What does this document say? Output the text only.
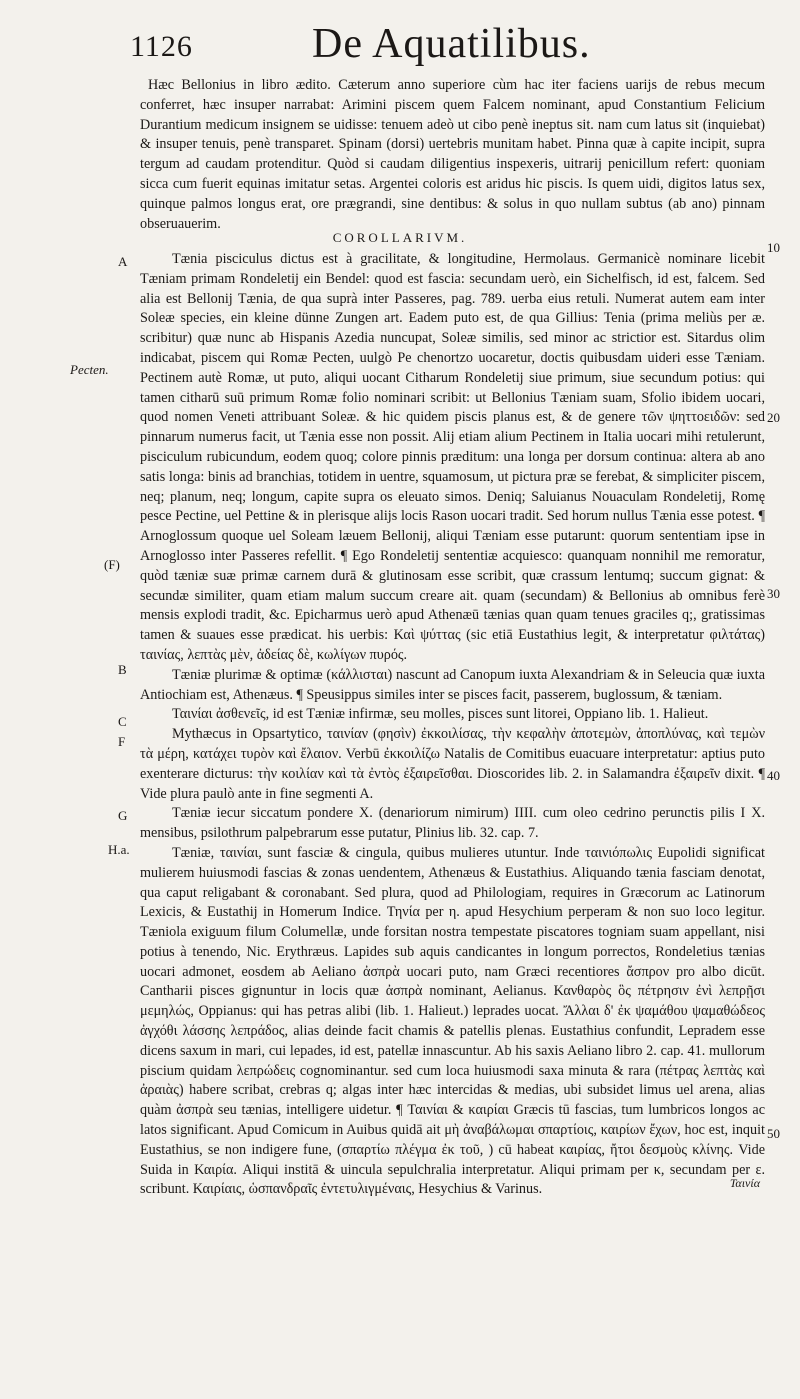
1126	De Aquatilibus.

Hæc Bellonius in libro ædito. Cæterum anno superiore cùm hac iter faciens uarijs de rebus mecum conferret, hæc insuper narrabat: Arimini piscem quem Falcem nominant, apud Constantium Felicium Durantium medicum insignem se uidisse: tenuem adeò ut cibo penè ineptus sit. nam cum latus sit (inquiebat) & insuper tenuis, penè transparet. Spinam (dorsi) uertebris munitam habet. Pinna quæ à capite incipit, supra tergum ad caudam protenditur. Quòd si caudam diligentius inspexeris, uitrarij penicillum refert: quoniam sicca cum fuerit equinas imitatur setas. Argentei coloris est aridus hic piscis. Is quem uidi, digitos latus sex, quinque palmos longus erat, ore prægrandi, sine dentibus: & solus in quo nullam subtus (ab ano) pinnam obseruauerim.

COROLLARIVM.

Tænia pisciculus dictus est à gracilitate, & longitudine, Hermolaus. Germanicè nominare licebit Tæniam primam Rondeletij ein Bendel: quod est fascia: secundam uerò, ein Sichelfisch, id est, falcem. Sed alia est Bellonij Tænia, de qua suprà inter Passeres, pag. 789. uerba eius retuli. Numerat autem eam inter Soleæ species, ein kleine dünne Zungen art. Eadem puto est, de qua Gillius: Tenia (prima meliùs per æ. scribitur) quæ nunc ab Hispanis Azedia nuncupat, Soleæ similis, sed minor ac strictior est. Sitardus olim indicabat, piscem qui Romæ Pecten, uulgò Pe chenortzo uocaretur, doctis quibusdam uideri esse Tæniam. Pectinem autè Romæ, ut puto, aliqui uocant Citharum Rondeletij siue primum, siue secundum potius: qui tamen citharū suū primum Romæ folio nominari scribit: ut Bellonius Tæniam suam, Sfolio ibidem uocari, quod nomen Veneti attribuant Soleæ. & hic quidem piscis planus est, & de genere τῶν ψηττοειδῶν: sed pinnarum numerus facit, ut Tænia esse non possit. Alij etiam alium Pectinem in Italia uocari mihi retulerunt, pisciculum rubicundum, eodem quoq; colore pinnis præditum: una longa per dorsum continua: altera ab ano satis longa: binis ad branchias, totidem in uentre, squamosum, ut pictura præ se ferebat, & simpliciter piscem, neq; planum, neq; longum, capite supra os eleuato simos. Deniq; Saluianus Nouaculam Rondeletij, Romę pesce Pectine, uel Pettine & in plerisque alijs locis Rason uocari tradit. Sed horum nullus Tænia esse potest. ¶ Arnoglossum quoque uel Soleam læuem Bellonij, aliqui Tæniam esse putarunt: quorum sententiam ipse in Arnoglosso inter Passeres refellit. ¶ Ego Rondeletij sententiæ acquiesco: quanquam nonnihil me remoratur, quòd tæniæ suæ primæ carnem durā & glutinosam esse scribit, quæ crassum lentumq; succum gignat: & secundæ similiter, quam etiam malum succum creare ait. quam (secundam) & Bellonius ab omnibus ferè mensis explodi tradit, &c. Epicharmus uerò apud Athenæū tænias quan quam tenues graciles q;, gratissimas tamen & suaues esse prædicat. his uerbis: Καὶ ψύττας (sic etiā Eustathius legit, & interpretatur φιλτάτας) ταινίας, λεπτὰς μὲν, ἀδείας δὲ, κωλίγων πυρός.

Tæniæ plurimæ & optimæ (κάλλισται) nascunt ad Canopum iuxta Alexandriam & in Seleucia quæ iuxta Antiochiam est, Athenæus. ¶ Speusippus similes inter se pisces facit, passerem, buglossum, & tæniam.

Ταινίαι ἀσθενεῖς, id est Tæniæ infirmæ, seu molles, pisces sunt litorei, Oppiano lib. 1. Halieut.

Mythæcus in Opsartytico, ταινίαν (φησὶν) ἐκκοιλίσας, τὴν κεφαλὴν ἀποτεμὼν, ἀποπλύνας, καὶ τεμὼν τὰ μέρη, κατάχει τυρὸν καὶ ἔλαιον. Verbū ἐκκοιλίζω Natalis de Comitibus euacuare interpretatur: aptius puto exenterare dicturus: τὴν κοιλίαν καὶ τὰ ἐντὸς ἐξαιρεῖσθαι. Dioscorides lib. 2. in Salamandra ἐξαιρεῖν dixit. ¶ Vide plura paulò ante in fine segmenti A.

Tæniæ iecur siccatum pondere X. (denariorum nimirum) IIII. cum oleo cedrino perunctis pilis I X. mensibus, psilothrum palpebrarum esse putatur, Plinius lib. 32. cap. 7.

Tæniæ, ταινίαι, sunt fasciæ & cingula, quibus mulieres utuntur. Inde ταινιόπωλις Eupolidi significat mulierem huiusmodi fascias & zonas uendentem, Athenæus & Eustathius. Aliquando tænia fasciam denotat, qua caput religabant & coronabant. Sed plura, quod ad Philologiam, requires in Græcorum ac Latinorum Lexicis, & Eustathij in Homerum Indice. Τηνία per η. apud Hesychium perperam & non suo loco legitur. Tæniola exiguum filum Columellæ, unde forsitan nostra tempestate piscatores togniam suam appellant, nisi potius à tenendo, Nic. Erythræus. Lapides sub aquis candicantes in longum porrectos, Rondeletius tænias uocari admonet, eosdem ab Aeliano ἀσπρὰ uocari puto, nam Græci recentiores ἄσπρον pro albo dicūt. Cantharii pisces gignuntur in locis quæ ἀσπρὰ nominant, Aelianus. Κανθαρὸς ὃς πέτρησιν ἐνὶ λεπρῇσι μεμηλώς, Oppianus: qui has petras alibi (lib. 1. Halieut.) leprades uocat. Ἄλλαι δ' ἐκ ψαμάθου ψαμαθώδεος ἀγχόθι λάσσης λεπράδος, alias deinde facit chamis & patellis plenas. Eustathius confundit, Lepradem esse dicens saxum in mari, cui lepades, id est, patellæ innascuntur. Ab his saxis Aeliano libro 2. cap. 41. mullorum piscium quidam λεπρώδεις cognominantur. sed cum loca huiusmodi saxa minuta & rara (πέτρας λεπτὰς καὶ ἀραιὰς) habere scribat, crebras q; algas inter hæc intercidas & medias, ubi subsidet limus uel arena, alias quàm ἀσπρὰ seu tænias, intelligere uidetur. ¶ Ταινίαι & καιρίαι Græcis tū fascias, tum lumbricos longos ac latos significant. Apud Comicum in Auibus quidā ait μὴ ἀναβάλωμαι σπαρτίοις, καιρίων ἔχων, hoc est, inquit Eustathius, se non indigere fune, (σπαρτίω πλέγμα ἐκ τοῦ, ) cū habeat καιρίας, ἤτοι δεσμοὺς κλίνης. Vide Suida in Καιρία. Aliqui institā & uincula sepulchralia interpretatur. Aliqui primam per κ, secundam per ε. scribunt. Καιρίαις, ὡσπανδραῖς ἐντετυλιγμέναις, Hesychius & Varinus.

A
Pecten.
(F)
B
C
F
G
H.a.
10
20
30
40
50
Ταινία
